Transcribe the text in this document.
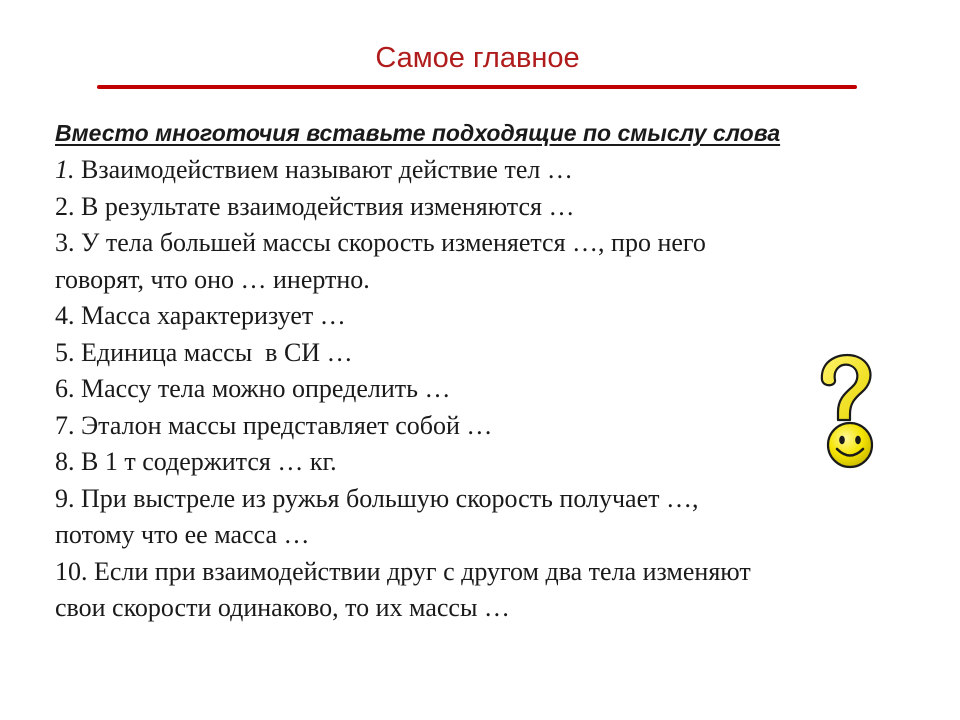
Самое главное
Вместо многоточия вставьте подходящие по смыслу слова
1. Взаимодействием называют действие тел …
2. В результате взаимодействия изменяются …
3. У тела большей массы скорость изменяется …, про него
говорят, что оно … инертно.
4. Масса характеризует …
5. Единица массы  в СИ …
6. Массу тела можно определить …
7. Эталон массы представляет собой …
8. В 1 т содержится … кг.
9. При выстреле из ружья большую скорость получает …,
потому что ее масса …
10. Если при взаимодействии друг с другом два тела изменяют
свои скорости одинаково, то их массы …
